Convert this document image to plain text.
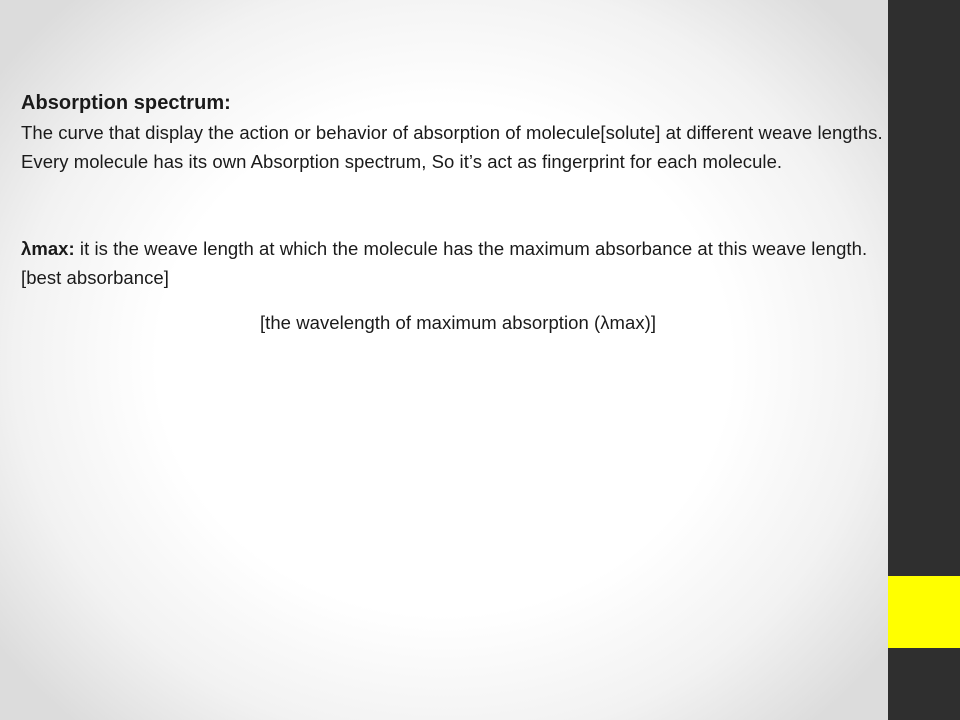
Absorption spectrum:

The curve that display the action or behavior of absorption of molecule[solute] at different weave lengths. Every molecule has its own Absorption spectrum, So it’s act as fingerprint for each molecule.

λmax: it is the weave length at which the molecule has the maximum absorbance at this weave length.[best absorbance]

[the wavelength of maximum absorption (λmax)]
